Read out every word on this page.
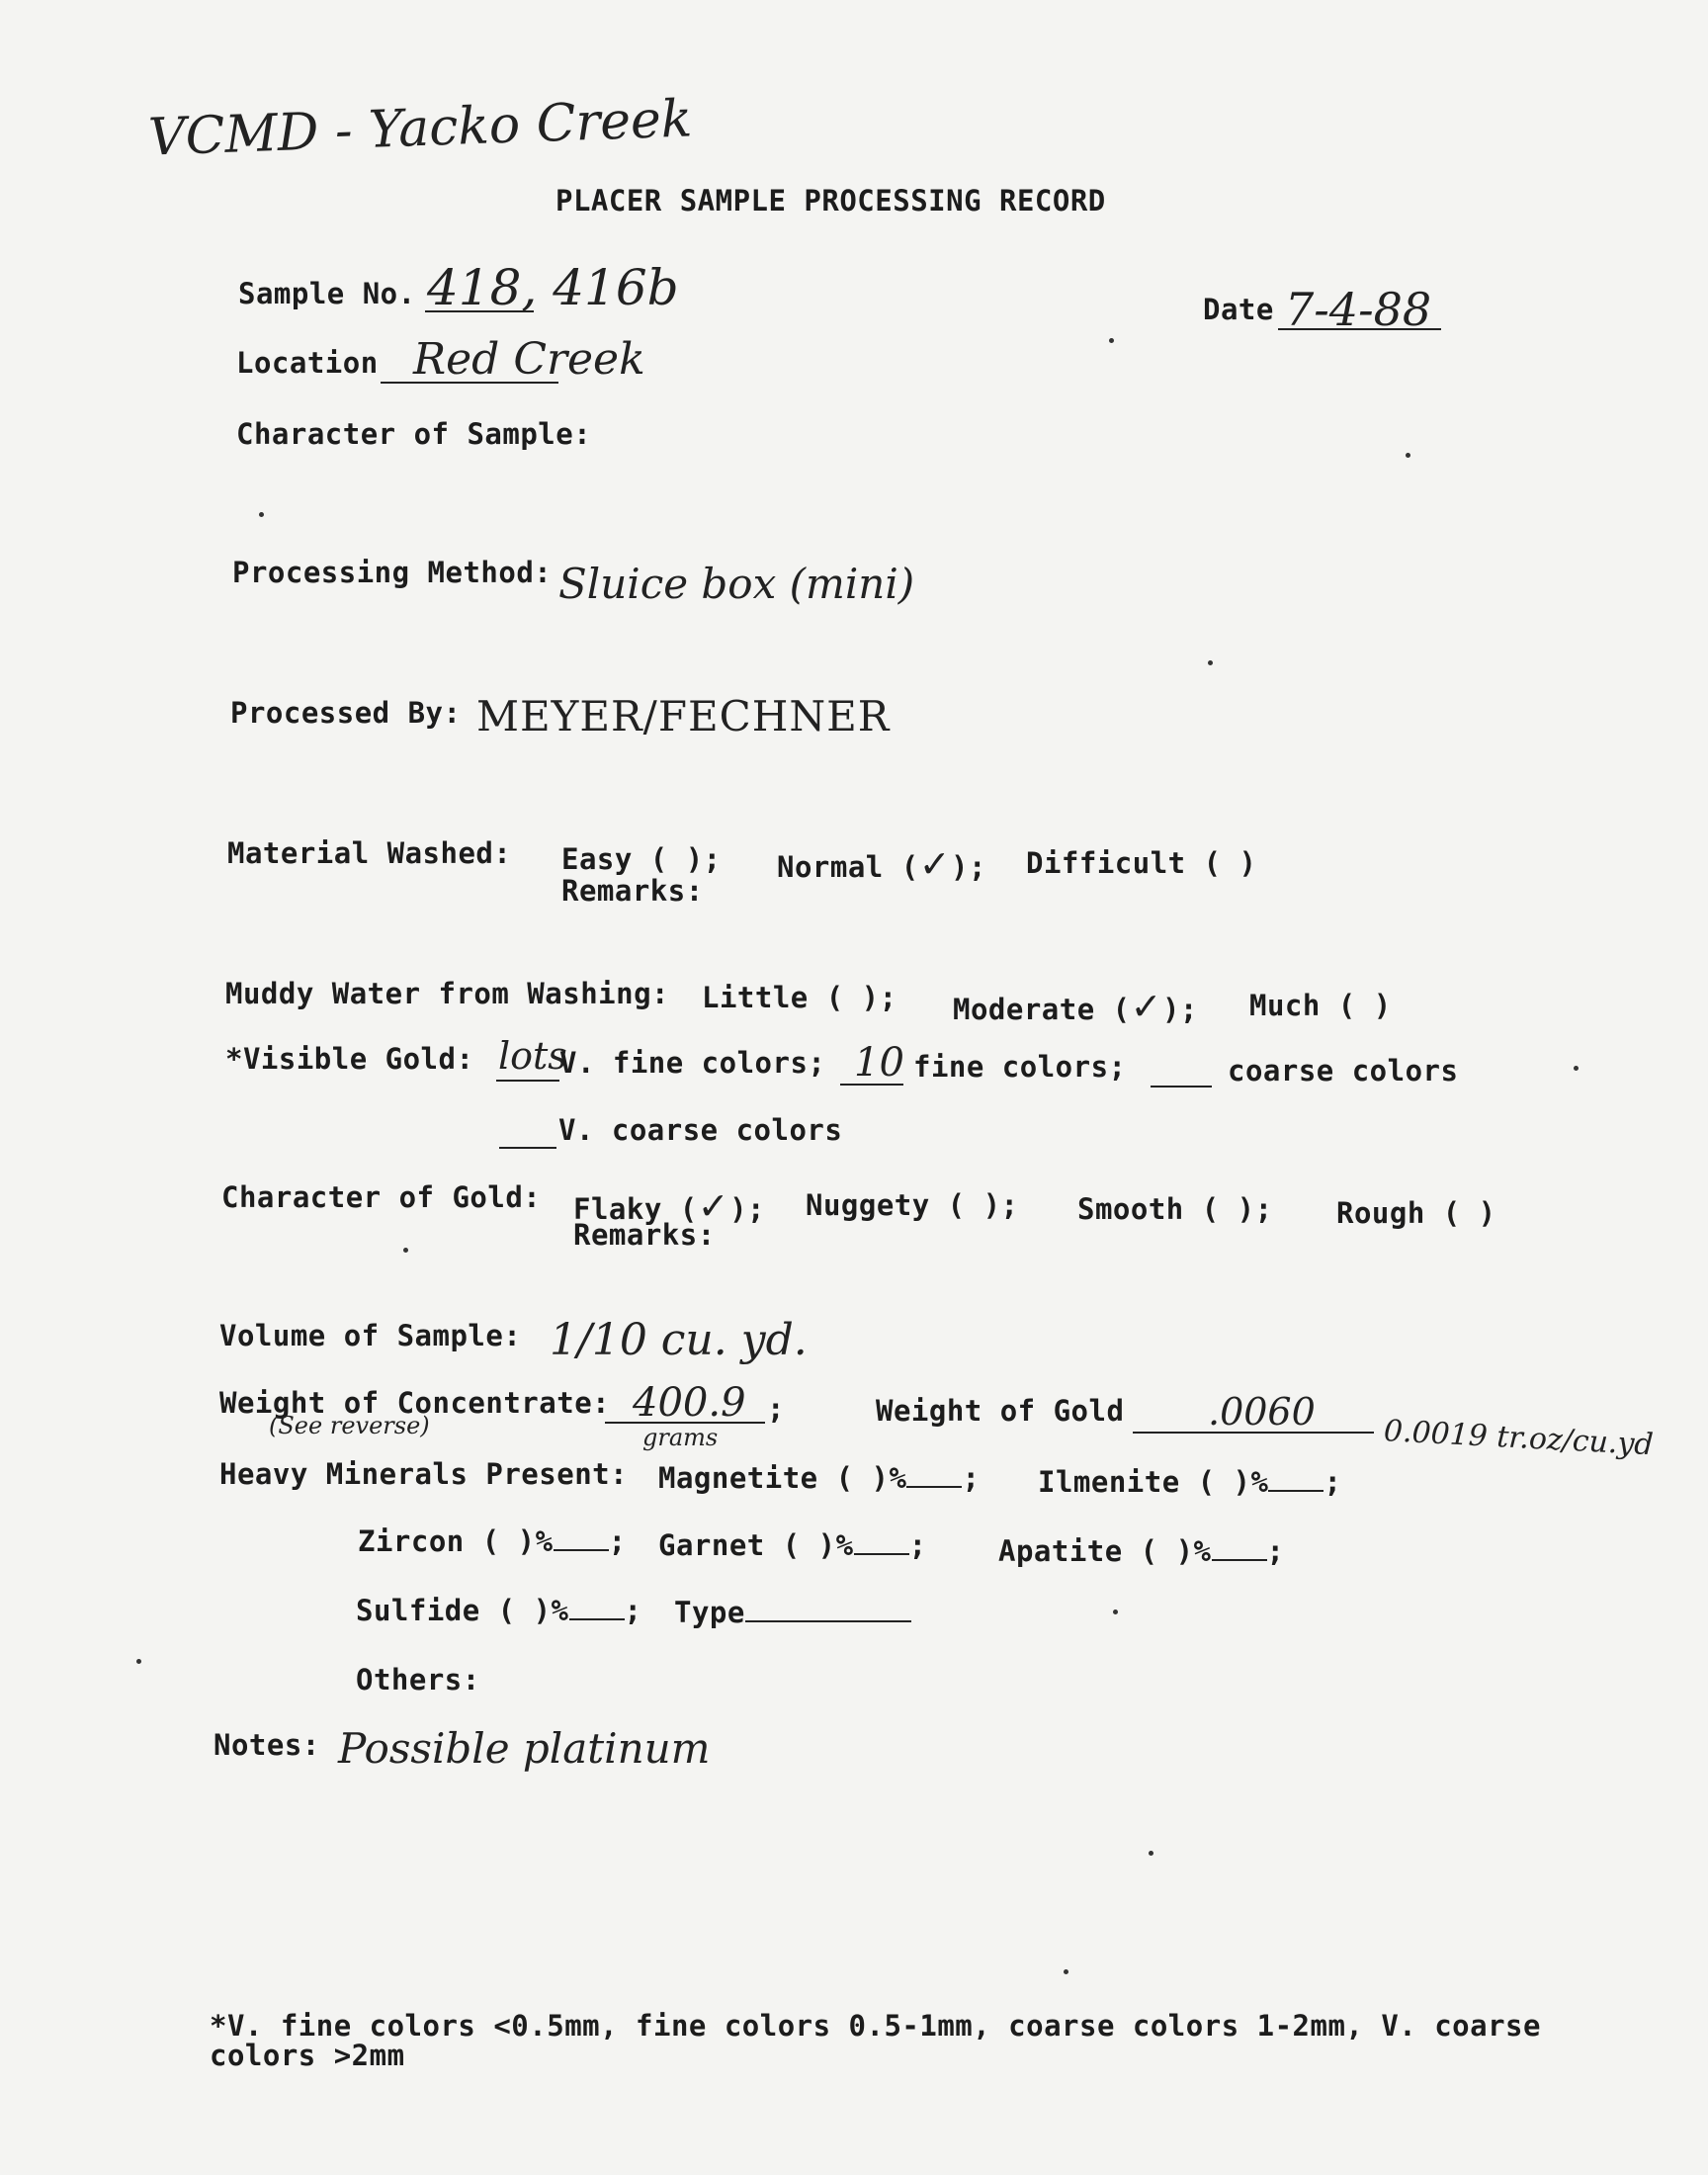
VCMD - Yacko Creek
PLACER SAMPLE PROCESSING RECORD
Sample No. 418, 416b	Date 7-4-88
Location Red Creek
Character of Sample:
Processing Method: Sluice box (mini)
Processed By: MEYER/FECHNER
Material Washed: Easy ( ); Normal (✓); Difficult ( )
Remarks:
Muddy Water from Washing: Little ( ); Moderate (✓); Much ( )
*Visible Gold: lots
V. fine colors; 10 fine colors;	coarse colors
V. coarse colors
Character of Gold: Flaky (✓); Nuggety ( ); Smooth ( ); Rough ( )
Remarks:
Volume of Sample: 1/10 cu. yd.
Weight of Concentrate: 400.9 ;
grams
(See reverse)	Weight of Gold .0060
0.0019 tr.oz/cu.yd
Heavy Minerals Present: Magnetite ( )% ; Ilmenite ( )% ;
Zircon ( )% ; Garnet ( )% ; Apatite ( )% ;
Sulfide ( )% ; Type
Others:
Notes: Possible platinum
*V. fine colors <0.5mm, fine colors 0.5-1mm, coarse colors 1-2mm, V. coarse
colors >2mm
